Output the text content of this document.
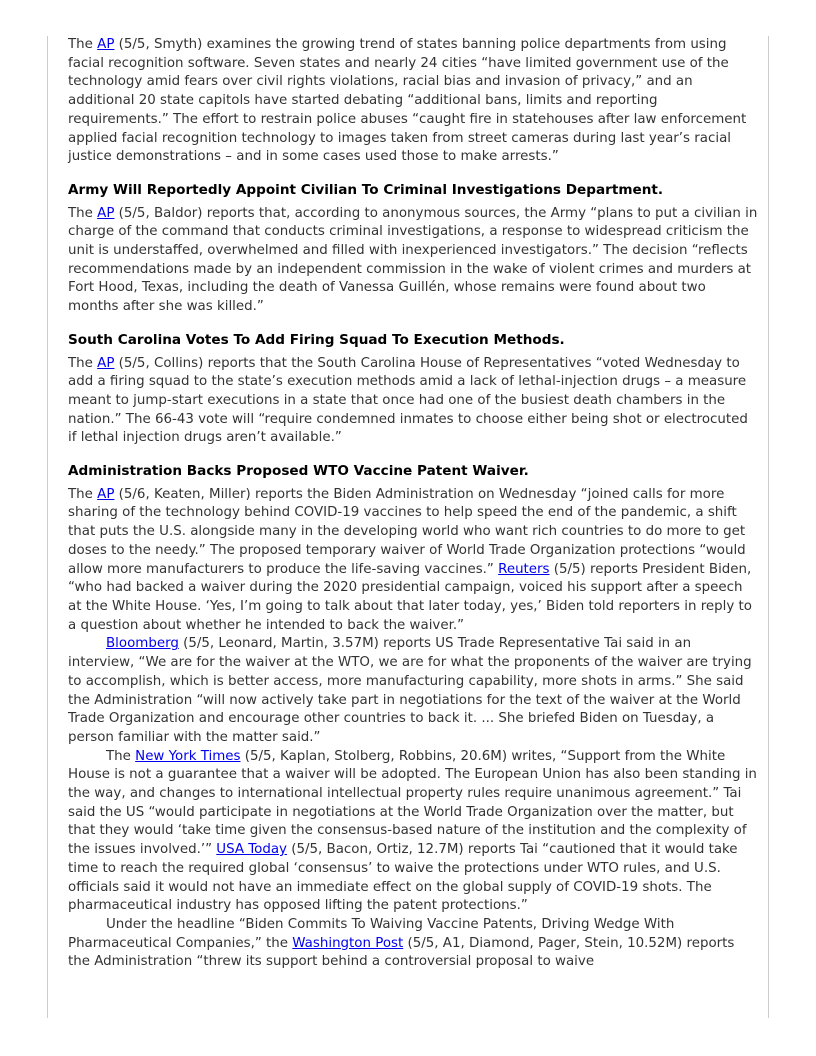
The AP (5/5, Smyth) examines the growing trend of states banning police departments from using facial recognition software. Seven states and nearly 24 cities “have limited government use of the technology amid fears over civil rights violations, racial bias and invasion of privacy,” and an additional 20 state capitols have started debating “additional bans, limits and reporting requirements.” The effort to restrain police abuses “caught fire in statehouses after law enforcement applied facial recognition technology to images taken from street cameras during last year’s racial justice demonstrations – and in some cases used those to make arrests.”

Army Will Reportedly Appoint Civilian To Criminal Investigations Department.

The AP (5/5, Baldor) reports that, according to anonymous sources, the Army “plans to put a civilian in charge of the command that conducts criminal investigations, a response to widespread criticism the unit is understaffed, overwhelmed and filled with inexperienced investigators.” The decision “reflects recommendations made by an independent commission in the wake of violent crimes and murders at Fort Hood, Texas, including the death of Vanessa Guillén, whose remains were found about two months after she was killed.”

South Carolina Votes To Add Firing Squad To Execution Methods.

The AP (5/5, Collins) reports that the South Carolina House of Representatives “voted Wednesday to add a firing squad to the state’s execution methods amid a lack of lethal-injection drugs – a measure meant to jump-start executions in a state that once had one of the busiest death chambers in the nation.” The 66-43 vote will “require condemned inmates to choose either being shot or electrocuted if lethal injection drugs aren’t available.”

Administration Backs Proposed WTO Vaccine Patent Waiver.

The AP (5/6, Keaten, Miller) reports the Biden Administration on Wednesday “joined calls for more sharing of the technology behind COVID-19 vaccines to help speed the end of the pandemic, a shift that puts the U.S. alongside many in the developing world who want rich countries to do more to get doses to the needy.” The proposed temporary waiver of World Trade Organization protections “would allow more manufacturers to produce the life-saving vaccines.” Reuters (5/5) reports President Biden, “who had backed a waiver during the 2020 presidential campaign, voiced his support after a speech at the White House. ‘Yes, I’m going to talk about that later today, yes,’ Biden told reporters in reply to a question about whether he intended to back the waiver.”

Bloomberg (5/5, Leonard, Martin, 3.57M) reports US Trade Representative Tai said in an interview, “We are for the waiver at the WTO, we are for what the proponents of the waiver are trying to accomplish, which is better access, more manufacturing capability, more shots in arms.” She said the Administration “will now actively take part in negotiations for the text of the waiver at the World Trade Organization and encourage other countries to back it. ... She briefed Biden on Tuesday, a person familiar with the matter said.”

The New York Times (5/5, Kaplan, Stolberg, Robbins, 20.6M) writes, “Support from the White House is not a guarantee that a waiver will be adopted. The European Union has also been standing in the way, and changes to international intellectual property rules require unanimous agreement.” Tai said the US “would participate in negotiations at the World Trade Organization over the matter, but that they would ‘take time given the consensus-based nature of the institution and the complexity of the issues involved.’” USA Today (5/5, Bacon, Ortiz, 12.7M) reports Tai “cautioned that it would take time to reach the required global ‘consensus’ to waive the protections under WTO rules, and U.S. officials said it would not have an immediate effect on the global supply of COVID-19 shots. The pharmaceutical industry has opposed lifting the patent protections.”

Under the headline “Biden Commits To Waiving Vaccine Patents, Driving Wedge With Pharmaceutical Companies,” the Washington Post (5/5, A1, Diamond, Pager, Stein, 10.52M) reports the Administration “threw its support behind a controversial proposal to waive
